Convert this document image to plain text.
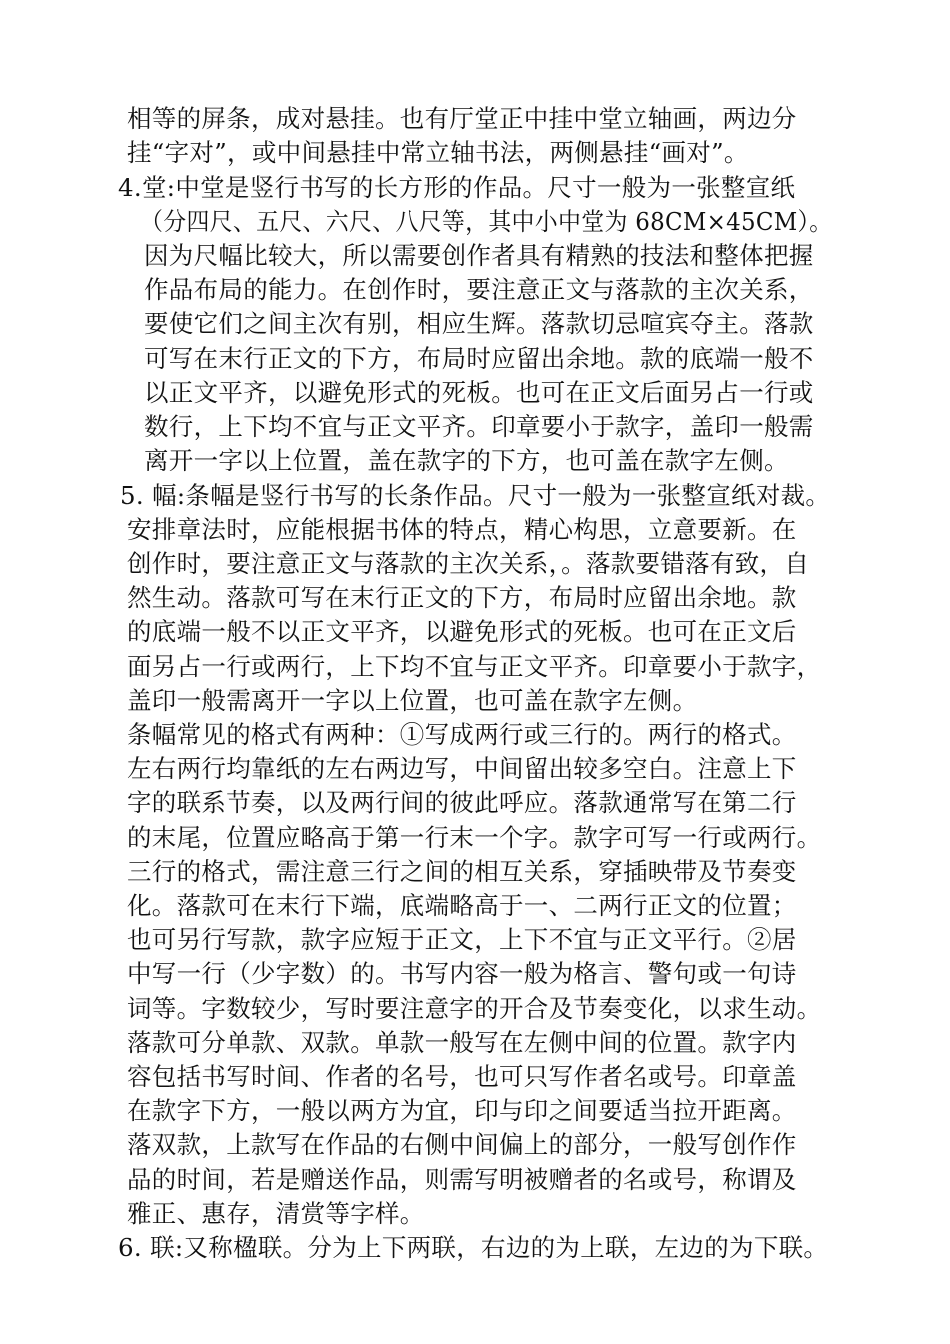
相等的屏条，成对悬挂。也有厅堂正中挂中堂立轴画，两边分
挂“字对”，或中间悬挂中常立轴书法，两侧悬挂“画对”。
4.堂:中堂是竖行书写的长方形的作品。尺寸一般为一张整宣纸
（分四尺、五尺、六尺、八尺等，其中小中堂为 68CM×45CM）。
因为尺幅比较大，所以需要创作者具有精熟的技法和整体把握
作品布局的能力。在创作时，要注意正文与落款的主次关系，
要使它们之间主次有别，相应生辉。落款切忌喧宾夺主。落款
可写在末行正文的下方，布局时应留出余地。款的底端一般不
以正文平齐，以避免形式的死板。也可在正文后面另占一行或
数行，上下均不宜与正文平齐。印章要小于款字，盖印一般需
离开一字以上位置，盖在款字的下方，也可盖在款字左侧。
5. 幅:条幅是竖行书写的长条作品。尺寸一般为一张整宣纸对裁。
安排章法时，应能根据书体的特点，精心构思，立意要新。在
创作时，要注意正文与落款的主次关系，。落款要错落有致，自
然生动。落款可写在末行正文的下方，布局时应留出余地。款
的底端一般不以正文平齐，以避免形式的死板。也可在正文后
面另占一行或两行，上下均不宜与正文平齐。印章要小于款字，
盖印一般需离开一字以上位置，也可盖在款字左侧。
条幅常见的格式有两种：①写成两行或三行的。两行的格式。
左右两行均靠纸的左右两边写，中间留出较多空白。注意上下
字的联系节奏，以及两行间的彼此呼应。落款通常写在第二行
的末尾，位置应略高于第一行末一个字。款字可写一行或两行。
三行的格式，需注意三行之间的相互关系，穿插映带及节奏变
化。落款可在末行下端，底端略高于一、二两行正文的位置；
也可另行写款，款字应短于正文，上下不宜与正文平行。②居
中写一行（少字数）的。书写内容一般为格言、警句或一句诗
词等。字数较少，写时要注意字的开合及节奏变化，以求生动。
落款可分单款、双款。单款一般写在左侧中间的位置。款字内
容包括书写时间、作者的名号，也可只写作者名或号。印章盖
在款字下方，一般以两方为宜，印与印之间要适当拉开距离。
落双款，上款写在作品的右侧中间偏上的部分，一般写创作作
品的时间，若是赠送作品，则需写明被赠者的名或号，称谓及
雅正、惠存，清赏等字样。
6. 联:又称楹联。分为上下两联，右边的为上联，左边的为下联。
